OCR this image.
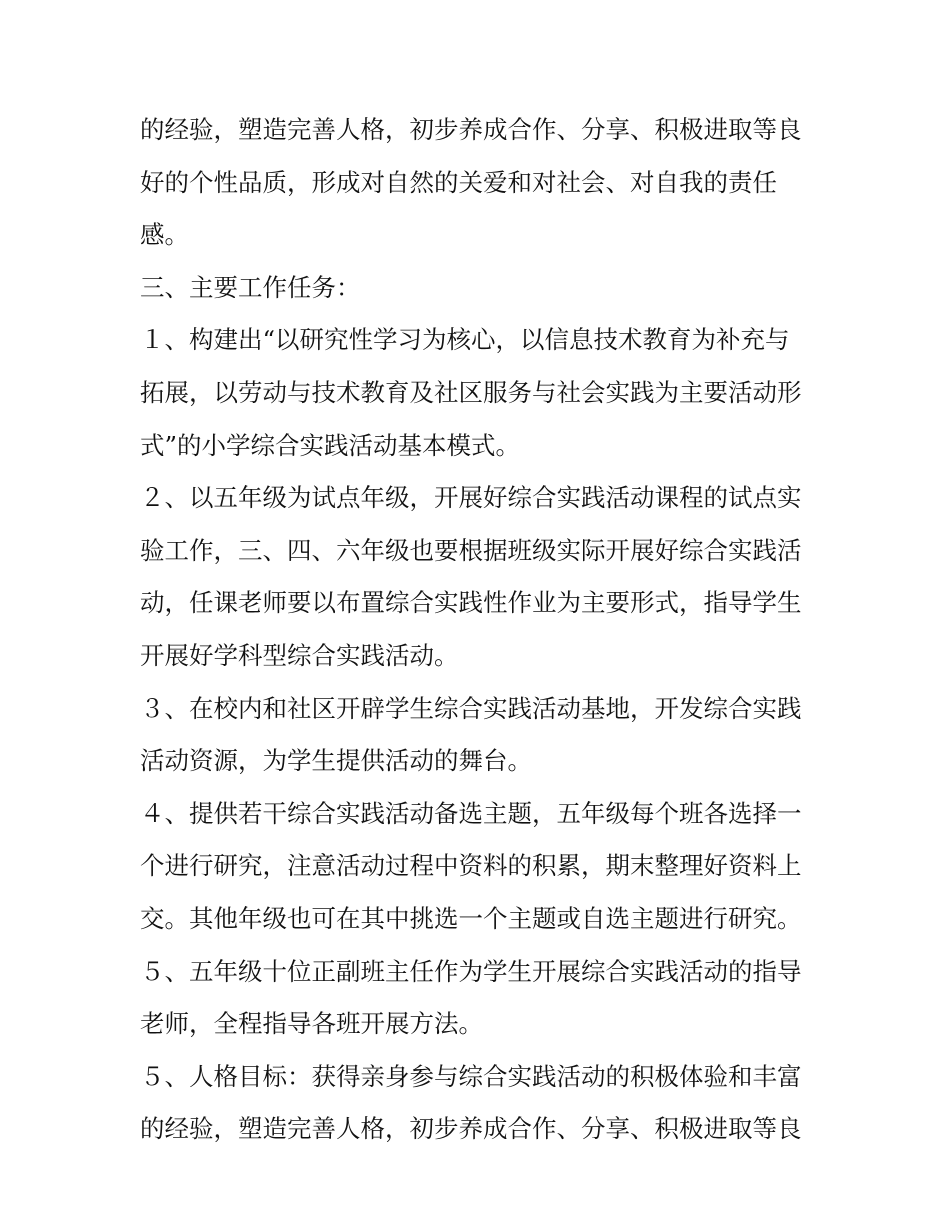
的经验，塑造完善人格，初步养成合作、分享、积极进取等良
好的个性品质，形成对自然的关爱和对社会、对自我的责任
感。
三、主要工作任务：
１、构建出“以研究性学习为核心，以信息技术教育为补充与
拓展，以劳动与技术教育及社区服务与社会实践为主要活动形
式”的小学综合实践活动基本模式。
２、以五年级为试点年级，开展好综合实践活动课程的试点实
验工作，三、四、六年级也要根据班级实际开展好综合实践活
动，任课老师要以布置综合实践性作业为主要形式，指导学生
开展好学科型综合实践活动。
３、在校内和社区开辟学生综合实践活动基地，开发综合实践
活动资源，为学生提供活动的舞台。
４、提供若干综合实践活动备选主题，五年级每个班各选择一
个进行研究，注意活动过程中资料的积累，期末整理好资料上
交。其他年级也可在其中挑选一个主题或自选主题进行研究。
５、五年级十位正副班主任作为学生开展综合实践活动的指导
老师，全程指导各班开展方法。
５、人格目标：获得亲身参与综合实践活动的积极体验和丰富
的经验，塑造完善人格，初步养成合作、分享、积极进取等良
